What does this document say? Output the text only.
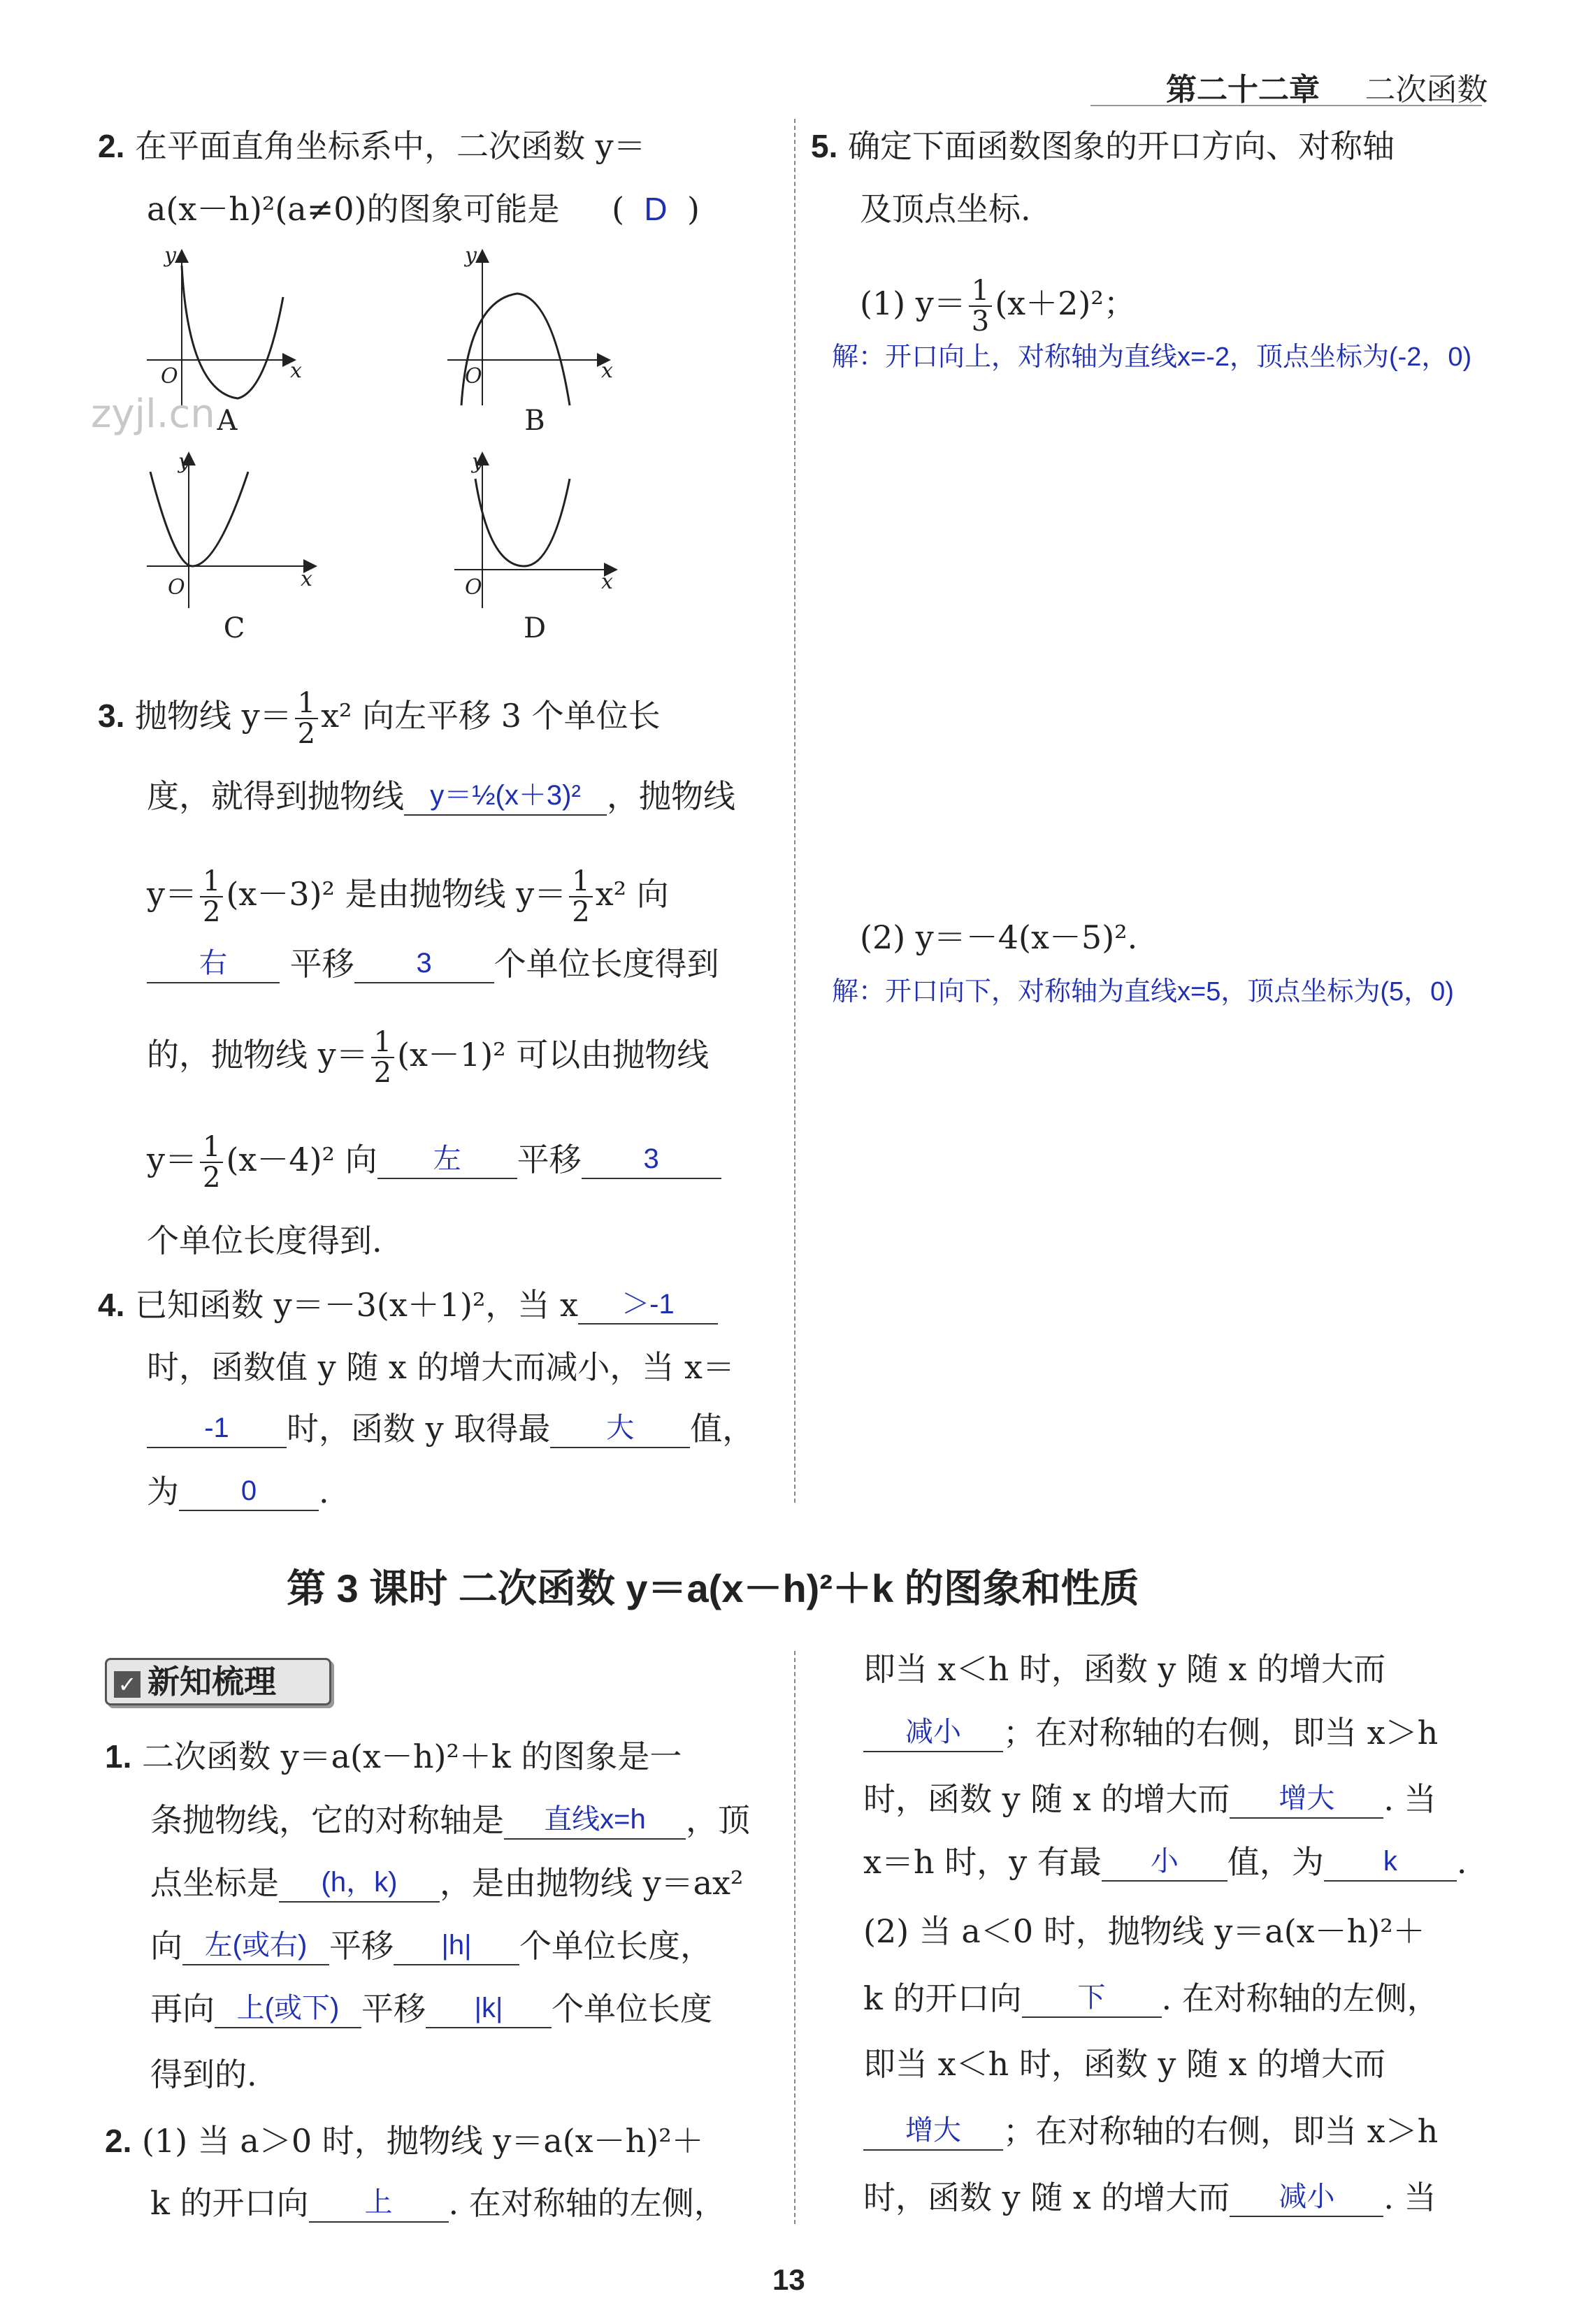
第二十二章 二次函数
2. 在平面直角坐标系中，二次函数 y＝
a(x－h)²(a≠0)的图象可能是 ( D )
y
x
O
y
x
O
y
x
O
y
x
O
A	B
C	D
zyjl.cn
3. 抛物线 $y= \frac{1}{2} x^2$ 向左平移 3 个单位长
度，就得到抛物线 y＝½(x＋3)² ，抛物线
$y= \frac{1}{2} (x-3)^2$ 是由抛物线 $y= \frac{1}{2} x^2$ 向
右 平移 3 个单位长度得到
的，抛物线 $y= \frac{1}{2} (x-1)^2$ 可以由抛物线
$y= \frac{1}{2} (x-4)^2$ 向 左 平移 3
个单位长度得到.
4. 已知函数 y＝－3(x＋1)²，当 x ＞-1
时，函数值 y 随 x 的增大而减小，当 x＝
-1 时，函数 y 取得最 大 值，
为 0 .
5. 确定下面函数图象的开口方向、对称轴
及顶点坐标.
(1) $y= \frac{1}{3} (x+2)^2$；
解：开口向上，对称轴为直线x=-2，顶点坐标为(-2，0)
(2) y＝－4(x－5)².
解：开口向下，对称轴为直线x=5，顶点坐标为(5，0)
第 3 课时 二次函数 y＝a(x－h)²＋k 的图象和性质
✓ 新知梳理
1. 二次函数 y＝a(x－h)²＋k 的图象是一
条抛物线，它的对称轴是 直线x=h ，顶
点坐标是 (h，k) ，是由抛物线 y＝ax²
向 左(或右) 平移 |h| 个单位长度，
再向 上(或下) 平移 |k| 个单位长度
得到的.
2. (1) 当 a＞0 时，抛物线 y＝a(x－h)²＋
k 的开口向 上 . 在对称轴的左侧，
即当 x＜h 时，函数 y 随 x 的增大而
减小 ；在对称轴的右侧，即当 x＞h
时，函数 y 随 x 的增大而 增大 . 当
x＝h 时，y 有最 小 值，为 k .
(2) 当 a＜0 时，抛物线 y＝a(x－h)²＋
k 的开口向 下 . 在对称轴的左侧，
即当 x＜h 时，函数 y 随 x 的增大而
增大 ；在对称轴的右侧，即当 x＞h
时，函数 y 随 x 的增大而 减小 . 当
13
